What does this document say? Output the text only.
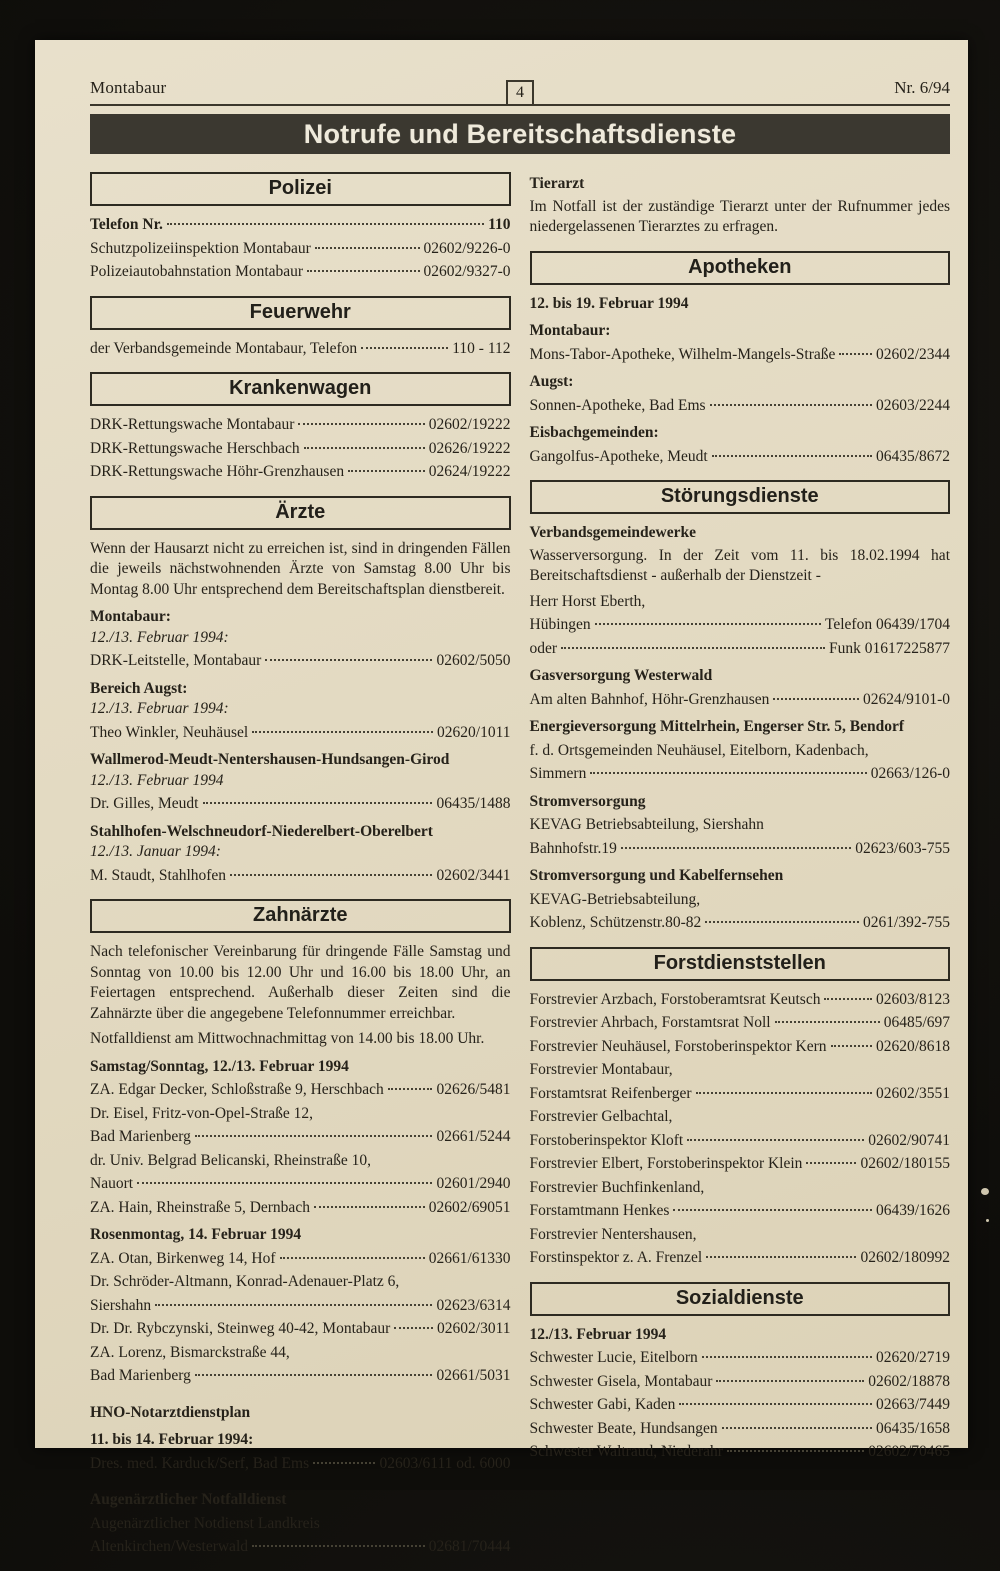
Montabaur	4	Nr. 6/94
Notrufe und Bereitschaftsdienste
Polizei
Telefon Nr.	110
Schutzpolizeiinspektion Montabaur	02602/9226-0
Polizeiautobahnstation Montabaur	02602/9327-0
Feuerwehr
der Verbandsgemeinde Montabaur, Telefon	110 - 112
Krankenwagen
DRK-Rettungswache Montabaur	02602/19222
DRK-Rettungswache Herschbach	02626/19222
DRK-Rettungswache Höhr-Grenzhausen	02624/19222
Ärzte
Wenn der Hausarzt nicht zu erreichen ist, sind in dringenden Fällen die jeweils nächstwohnenden Ärzte von Samstag 8.00 Uhr bis Montag 8.00 Uhr entsprechend dem Bereitschaftsplan dienstbereit.
Montabaur:
12./13. Februar 1994:
DRK-Leitstelle, Montabaur	02602/5050
Bereich Augst:
12./13. Februar 1994:
Theo Winkler, Neuhäusel	02620/1011
Wallmerod-Meudt-Nentershausen-Hundsangen-Girod
12./13. Februar 1994
Dr. Gilles, Meudt	06435/1488
Stahlhofen-Welschneudorf-Niederelbert-Oberelbert
12./13. Januar 1994:
M. Staudt, Stahlhofen	02602/3441
Zahnärzte
Nach telefonischer Vereinbarung für dringende Fälle Samstag und Sonntag von 10.00 bis 12.00 Uhr und 16.00 bis 18.00 Uhr, an Feiertagen entsprechend. Außerhalb dieser Zeiten sind die Zahnärzte über die angegebene Telefonnummer erreichbar.
Notfalldienst am Mittwochnachmittag von 14.00 bis 18.00 Uhr.
Samstag/Sonntag, 12./13. Februar 1994
ZA. Edgar Decker, Schloßstraße 9, Herschbach	02626/5481
Dr. Eisel, Fritz-von-Opel-Straße 12,
Bad Marienberg	02661/5244
dr. Univ. Belgrad Belicanski, Rheinstraße 10,
Nauort	02601/2940
ZA. Hain, Rheinstraße 5, Dernbach	02602/69051
Rosenmontag, 14. Februar 1994
ZA. Otan, Birkenweg 14, Hof	02661/61330
Dr. Schröder-Altmann, Konrad-Adenauer-Platz 6,
Siershahn	02623/6314
Dr. Dr. Rybczynski, Steinweg 40-42, Montabaur	02602/3011
ZA. Lorenz, Bismarckstraße 44,
Bad Marienberg	02661/5031
HNO-Notarztdienstplan
11. bis 14. Februar 1994:
Dres. med. Karduck/Serf, Bad Ems	02603/6111 od. 6000
Augenärztlicher Notfalldienst
Augenärztlicher Notdienst Landkreis
Altenkirchen/Westerwald	02681/70444
Tierarzt
Im Notfall ist der zuständige Tierarzt unter der Rufnummer jedes niedergelassenen Tierarztes zu erfragen.
Apotheken
12. bis 19. Februar 1994
Montabaur:
Mons-Tabor-Apotheke, Wilhelm-Mangels-Straße	02602/2344
Augst:
Sonnen-Apotheke, Bad Ems	02603/2244
Eisbachgemeinden:
Gangolfus-Apotheke, Meudt	06435/8672
Störungsdienste
Verbandsgemeindewerke
Wasserversorgung. In der Zeit vom 11. bis 18.02.1994 hat Bereitschaftsdienst - außerhalb der Dienstzeit -
Herr Horst Eberth,
Hübingen	Telefon 06439/1704
oder	Funk 01617225877
Gasversorgung Westerwald
Am alten Bahnhof, Höhr-Grenzhausen	02624/9101-0
Energieversorgung Mittelrhein, Engerser Str. 5, Bendorf
f. d. Ortsgemeinden Neuhäusel, Eitelborn, Kadenbach,
Simmern	02663/126-0
Stromversorgung
KEVAG Betriebsabteilung, Siershahn
Bahnhofstr.19	02623/603-755
Stromversorgung und Kabelfernsehen
KEVAG-Betriebsabteilung,
Koblenz, Schützenstr.80-82	0261/392-755
Forstdienststellen
Forstrevier Arzbach, Forstoberamtsrat Keutsch	02603/8123
Forstrevier Ahrbach, Forstamtsrat Noll	06485/697
Forstrevier Neuhäusel, Forstoberinspektor Kern	02620/8618
Forstrevier Montabaur,
Forstamtsrat Reifenberger	02602/3551
Forstrevier Gelbachtal,
Forstoberinspektor Kloft	02602/90741
Forstrevier Elbert, Forstoberinspektor Klein	02602/180155
Forstrevier Buchfinkenland,
Forstamtmann Henkes	06439/1626
Forstrevier Nentershausen,
Forstinspektor z. A. Frenzel	02602/180992
Sozialdienste
12./13. Februar 1994
Schwester Lucie, Eitelborn	02620/2719
Schwester Gisela, Montabaur	02602/18878
Schwester Gabi, Kaden	02663/7449
Schwester Beate, Hundsangen	06435/1658
Schwester Waltraud, Niederahr	02602/70465
